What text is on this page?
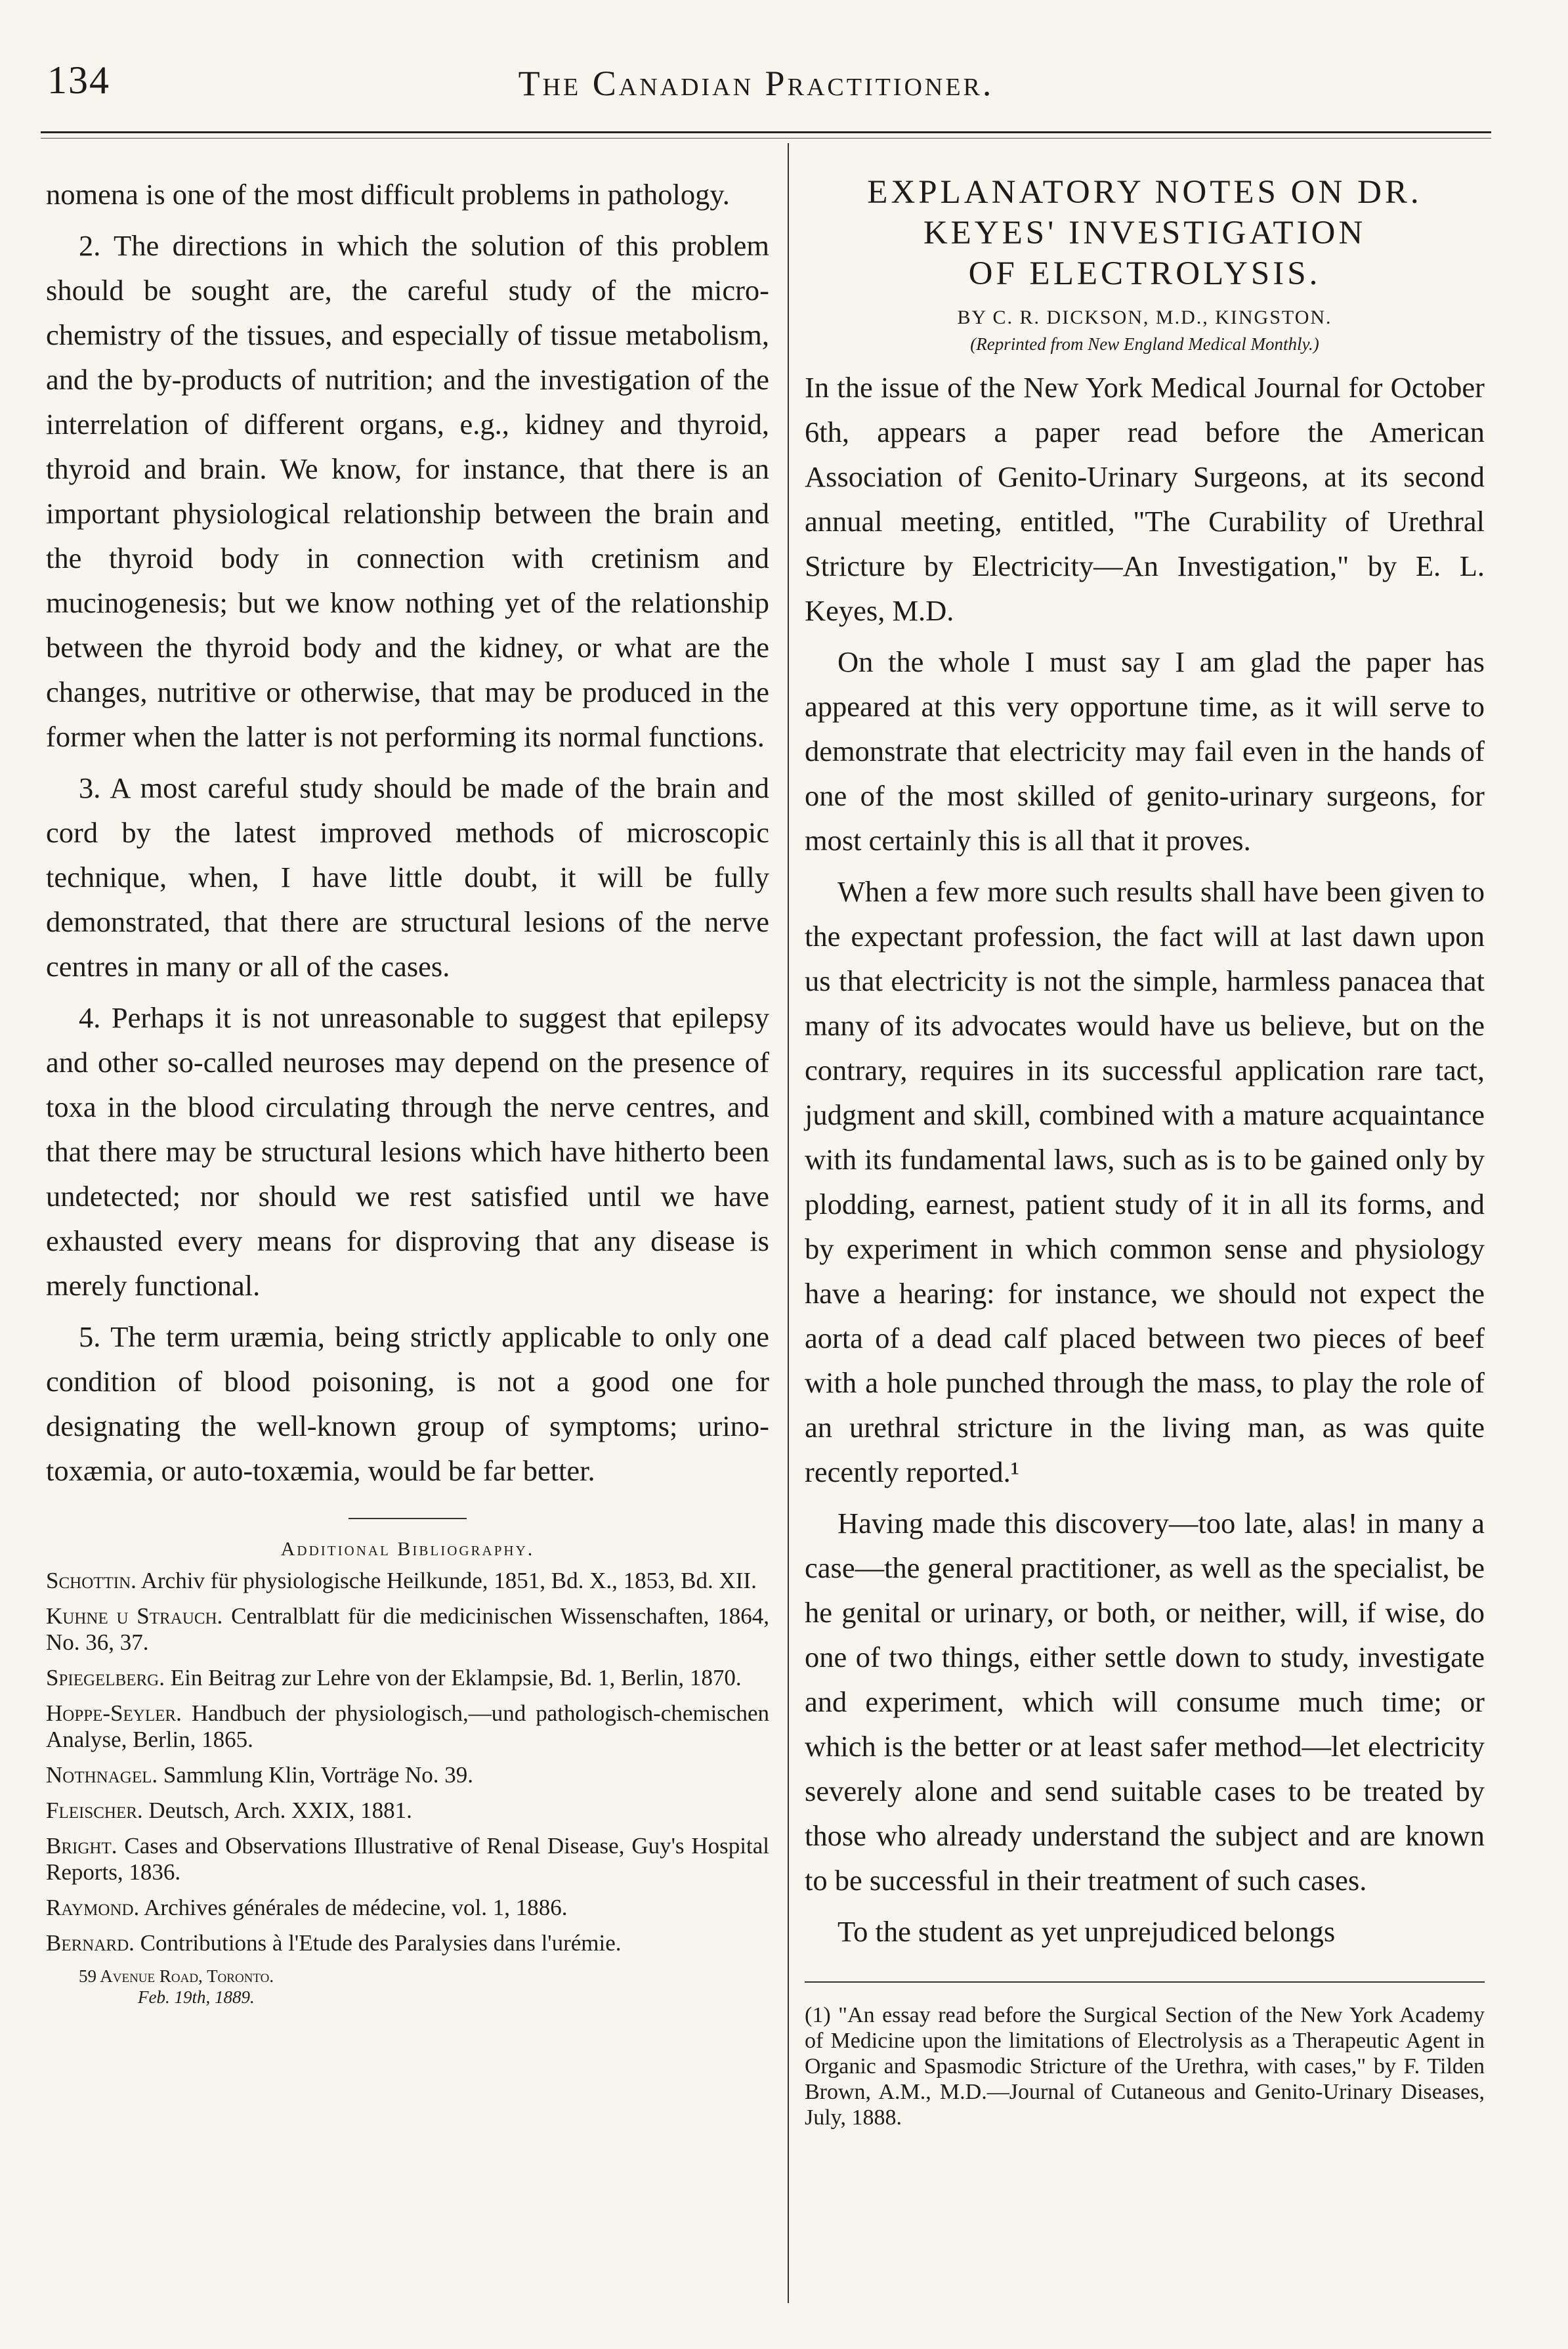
134	The Canadian Practitioner.

nomena is one of the most difficult problems in pathology.

2. The directions in which the solution of this problem should be sought are, the careful study of the micro-chemistry of the tissues, and especially of tissue metabolism, and the by-products of nutrition; and the investigation of the interrelation of different organs, e.g., kidney and thyroid, thyroid and brain. We know, for instance, that there is an important physiological relationship between the brain and the thyroid body in connection with cretinism and mucinogenesis; but we know nothing yet of the relationship between the thyroid body and the kidney, or what are the changes, nutritive or otherwise, that may be produced in the former when the latter is not performing its normal functions.

3. A most careful study should be made of the brain and cord by the latest improved methods of microscopic technique, when, I have little doubt, it will be fully demonstrated, that there are structural lesions of the nerve centres in many or all of the cases.

4. Perhaps it is not unreasonable to suggest that epilepsy and other so-called neuroses may depend on the presence of toxa in the blood circulating through the nerve centres, and that there may be structural lesions which have hitherto been undetected; nor should we rest satisfied until we have exhausted every means for disproving that any disease is merely functional.

5. The term uræmia, being strictly applicable to only one condition of blood poisoning, is not a good one for designating the well-known group of symptoms; urino-toxæmia, or auto-toxæmia, would be far better.

Additional Bibliography.

Schottin. Archiv für physiologische Heilkunde, 1851, Bd. X., 1853, Bd. XII.

Kuhne u Strauch. Centralblatt für die medicinischen Wissenschaften, 1864, No. 36, 37.

Spiegelberg. Ein Beitrag zur Lehre von der Eklampsie, Bd. 1, Berlin, 1870.

Hoppe-Seyler. Handbuch der physiologisch,—und pathologisch-chemischen Analyse, Berlin, 1865.

Nothnagel. Sammlung Klin, Vorträge No. 39.

Fleischer. Deutsch, Arch. XXIX, 1881.

Bright. Cases and Observations Illustrative of Renal Disease, Guy's Hospital Reports, 1836.

Raymond. Archives générales de médecine, vol. 1, 1886.

Bernard. Contributions à l'Etude des Paralysies dans l'urémie.

59 Avenue Road, Toronto.
Feb. 19th, 1889.
EXPLANATORY NOTES ON DR.
KEYES' INVESTIGATION
OF ELECTROLYSIS.
BY C. R. DICKSON, M.D., KINGSTON.
(Reprinted from New England Medical Monthly.)

In the issue of the New York Medical Journal for October 6th, appears a paper read before the American Association of Genito-Urinary Surgeons, at its second annual meeting, entitled, "The Curability of Urethral Stricture by Electricity—An Investigation," by E. L. Keyes, M.D.

On the whole I must say I am glad the paper has appeared at this very opportune time, as it will serve to demonstrate that electricity may fail even in the hands of one of the most skilled of genito-urinary surgeons, for most certainly this is all that it proves.

When a few more such results shall have been given to the expectant profession, the fact will at last dawn upon us that electricity is not the simple, harmless panacea that many of its advocates would have us believe, but on the contrary, requires in its successful application rare tact, judgment and skill, combined with a mature acquaintance with its fundamental laws, such as is to be gained only by plodding, earnest, patient study of it in all its forms, and by experiment in which common sense and physiology have a hearing: for instance, we should not expect the aorta of a dead calf placed between two pieces of beef with a hole punched through the mass, to play the role of an urethral stricture in the living man, as was quite recently reported.¹

Having made this discovery—too late, alas! in many a case—the general practitioner, as well as the specialist, be he genital or urinary, or both, or neither, will, if wise, do one of two things, either settle down to study, investigate and experiment, which will consume much time; or which is the better or at least safer method—let electricity severely alone and send suitable cases to be treated by those who already understand the subject and are known to be successful in their treatment of such cases.

To the student as yet unprejudiced belongs

(1) "An essay read before the Surgical Section of the New York Academy of Medicine upon the limitations of Electrolysis as a Therapeutic Agent in Organic and Spasmodic Stricture of the Urethra, with cases," by F. Tilden Brown, A.M., M.D.—Journal of Cutaneous and Genito-Urinary Diseases, July, 1888.
